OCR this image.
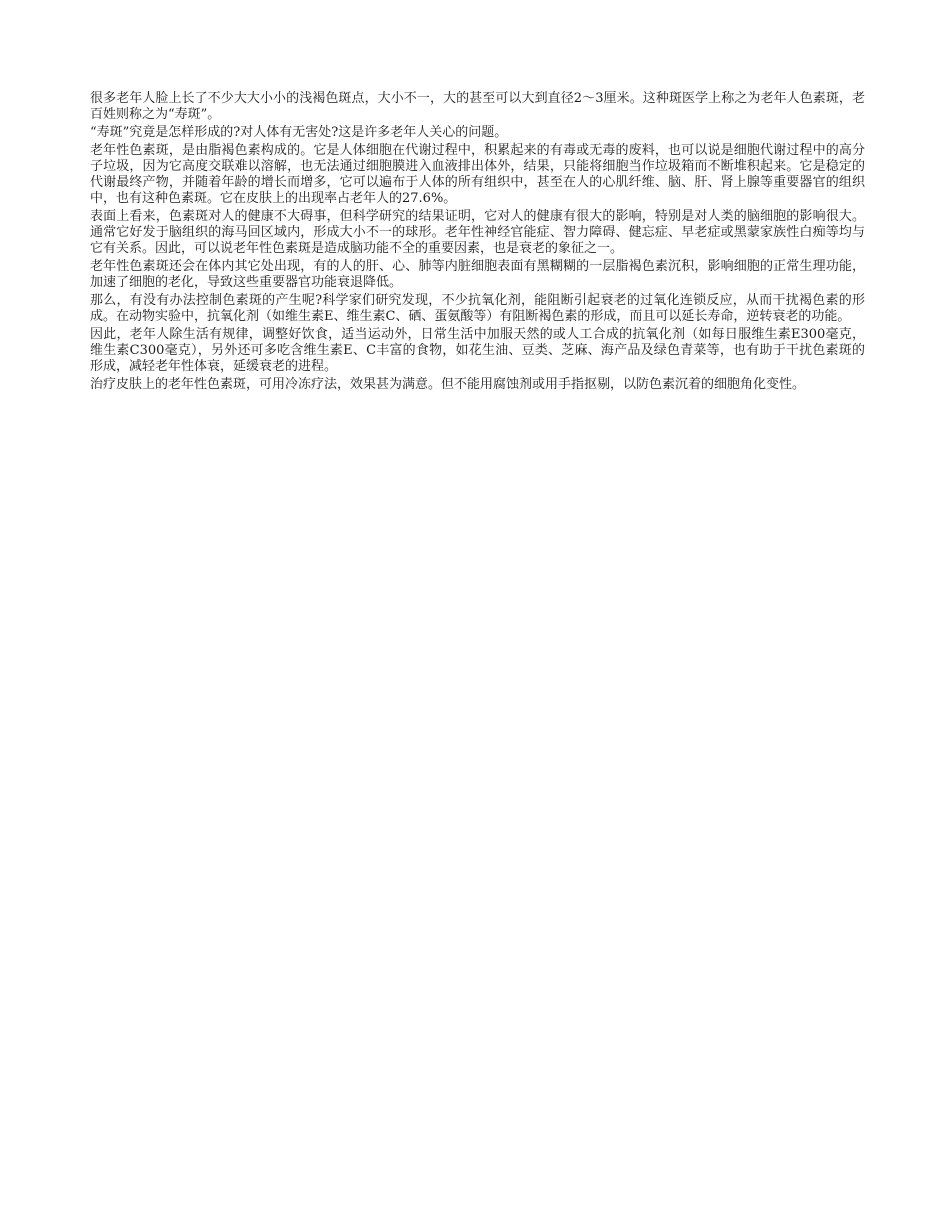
很多老年人脸上长了不少大大小小的浅褐色斑点，大小不一，大的甚至可以大到直径2～3厘米。这种斑医学上称之为老年人色素斑，老百姓则称之为“寿斑”。

“寿斑”究竟是怎样形成的?对人体有无害处?这是许多老年人关心的问题。

老年性色素斑，是由脂褐色素构成的。它是人体细胞在代谢过程中，积累起来的有毒或无毒的废料，也可以说是细胞代谢过程中的高分子垃圾，因为它高度交联难以溶解，也无法通过细胞膜进入血液排出体外，结果，只能将细胞当作垃圾箱而不断堆积起来。它是稳定的代谢最终产物，并随着年龄的增长而增多，它可以遍布于人体的所有组织中，甚至在人的心肌纤维、脑、肝、肾上腺等重要器官的组织中，也有这种色素斑。它在皮肤上的出现率占老年人的27.6%。

表面上看来，色素斑对人的健康不大碍事，但科学研究的结果证明，它对人的健康有很大的影响，特别是对人类的脑细胞的影响很大。通常它好发于脑组织的海马回区域内，形成大小不一的球形。老年性神经官能症、智力障碍、健忘症、早老症或黑蒙家族性白痴等均与它有关系。因此，可以说老年性色素斑是造成脑功能不全的重要因素，也是衰老的象征之一。

老年性色素斑还会在体内其它处出现，有的人的肝、心、肺等内脏细胞表面有黑糊糊的一层脂褐色素沉积，影响细胞的正常生理功能，加速了细胞的老化，导致这些重要器官功能衰退降低。

那么，有没有办法控制色素斑的产生呢?科学家们研究发现，不少抗氧化剂，能阻断引起衰老的过氧化连锁反应，从而干扰褐色素的形成。在动物实验中，抗氧化剂（如维生素E、维生素C、硒、蛋氨酸等）有阻断褐色素的形成，而且可以延长寿命，逆转衰老的功能。

因此，老年人除生活有规律，调整好饮食，适当运动外，日常生活中加服天然的或人工合成的抗氧化剂（如每日服维生素E300毫克，维生素C300毫克），另外还可多吃含维生素E、C丰富的食物，如花生油、豆类、芝麻、海产品及绿色青菜等，也有助于干扰色素斑的形成，减轻老年性体衰，延缓衰老的进程。

治疗皮肤上的老年性色素斑，可用冷冻疗法，效果甚为满意。但不能用腐蚀剂或用手指抠剔，以防色素沉着的细胞角化变性。
